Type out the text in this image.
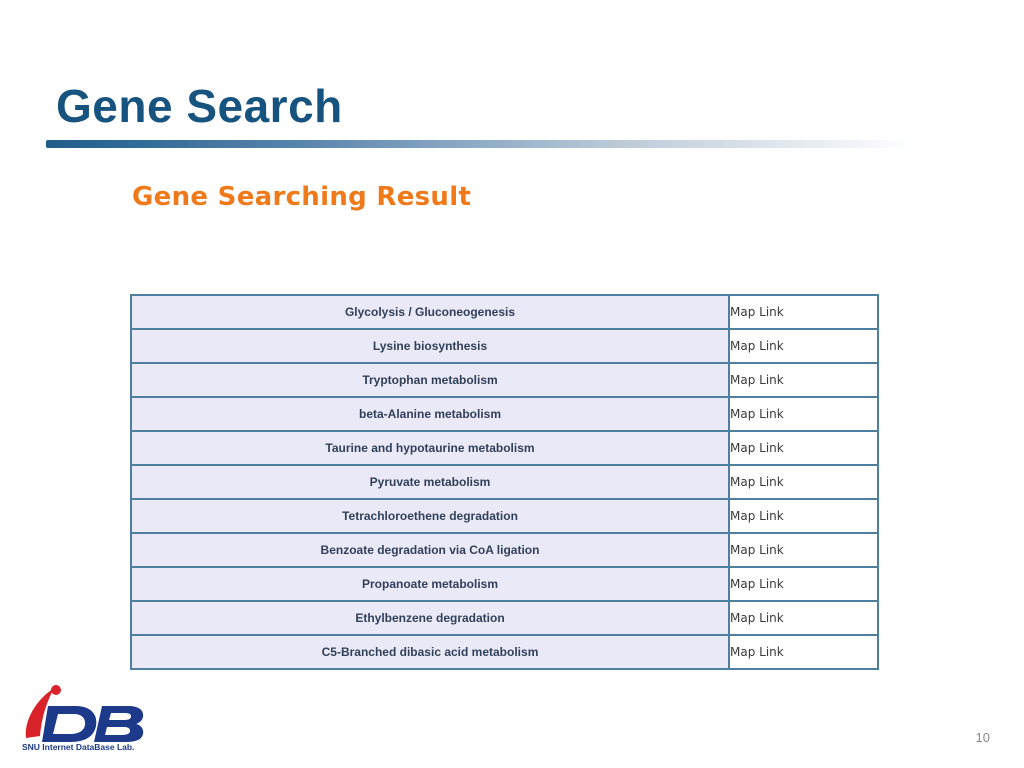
Gene Search
Gene Searching Result
Glycolysis / Gluconeogenesis	Map Link
Lysine biosynthesis	Map Link
Tryptophan metabolism	Map Link
beta-Alanine metabolism	Map Link
Taurine and hypotaurine metabolism	Map Link
Pyruvate metabolism	Map Link
Tetrachloroethene degradation	Map Link
Benzoate degradation via CoA ligation	Map Link
Propanoate metabolism	Map Link
Ethylbenzene degradation	Map Link
C5-Branched dibasic acid metabolism	Map Link
SNU Internet DataBase Lab.
10
